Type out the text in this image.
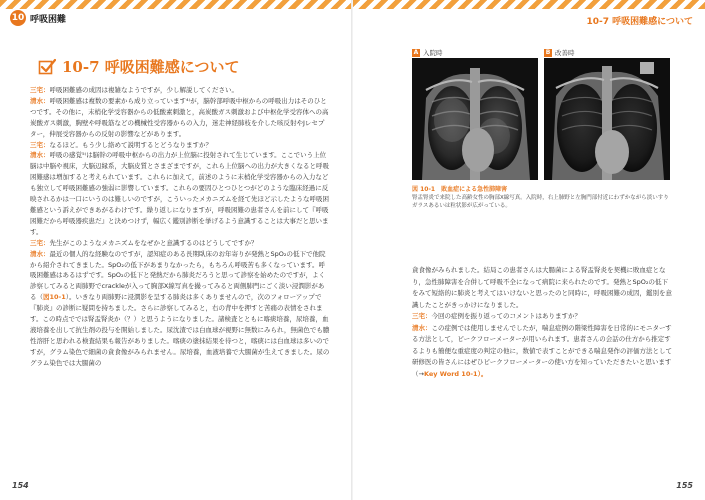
10 呼吸困難
10-7 呼吸困難感について

三宅：呼吸困難感の成因は複雑なようですが，少し解説してください。

清水：呼吸困難感は複数の要素から成り立っています⁴⁾が，脳幹部呼吸中枢からの呼吸出力はそのひとつです。その他に，末梢化学受容器からの低酸素刺激と，高炭酸ガス刺激および中枢化学受容体への高炭酸ガス刺激，胸壁や呼吸筋などの機械性受容器からの入力，迷走神経肺枝を介した咳反射やJレセプター，伸展受容器からの反射の影響などがあります。

三宅：なるほど。もう少し絡めて説明するとどうなりますか？

清水：呼吸の感覚⁵⁾は脳幹の呼吸中枢からの出力が上位脳に投射されて生じています。ここでいう上位脳は中脳や視床，大脳辺縁系，大脳皮質とさまざまですが，これら上位脳への出力が大きくなると呼吸困難感は増加すると考えられています。これらに加えて，前述のように末梢化学受容器からの入力なども独立して呼吸困難感の強弱に影響しています。これらの要因ひとつひとつがどのような臨床経過に反映されるかは一口にいうのは難しいのですが，こういったメカニズムを経て先ほど示したような呼吸困難感という訴えができあがるわけです。繰り返しになりますが，呼吸困難の患者さんを前にして『呼吸困難だから呼吸器疾患だ』と決めつけず，幅広く鑑別診断を挙げるよう意識することは大事だと思います。

三宅：先生がこのようなメカニズムをなぜかと意識するのはどうしてですか？

清水：最近の個人的な経験なのですが，認知症のある長期臥床のお年寄りが発熱とSpO₂の低下で他院から紹介されてきました。SpO₂の低下があまりなかったら，もちろん呼吸苦も多くなっています。呼吸困難感はあるはずです。SpO₂の低下と発熱だから肺炎だろうと思って診察を始めたのですが，よく診察してみると両肺野でcrackleが入って胸部X線写真を撮ってみると両側肺門にごく淡い浸潤影がある（図10-1）。いきなり両肺野に浸潤影を呈する肺炎は多くありませんので，次のフォローアップで『肺炎』の診断に疑問を持ちました。さらに診察してみると，右の背中を押すと苦痛の表情をされます。この時点ででは腎盂腎炎か（？）と思うようになりました。諸検査とともに喀痰培養，尿培養，血液培養を出して抗生剤の投与を開始しました。尿沈渣では白血球が視野に無数にみられ，無菌色でも膿性溶肝と思われる検査結果も報告がありました。喀痰の塗抹結果を待つと，喀痰には白血球は多いのですが，グラム染色で細菌の貪食像がみられません。尿培養，血液培養で大腸菌が生えてきました。尿のグラム染色では大腸菌の

154
10-7 呼吸困難感について
155
A 入院時	B 改善時
図 10-1　敗血症による急性肺障害
腎盂腎炎で来院した高齢女性の胸部X線写真。入院時，右上肺野と左胸門部付近にわずかながら淡いすりガラスあるいは粒状影が広がっている。

貪食像がみられました。結局この患者さんは大腸菌による腎盂腎炎を契機に敗血症となり，急性肺障害を合併して呼吸不全になって病院に来られたのです。発熱とSpO₂の低下をみて短絡的に肺炎と考えてはいけないと思ったのと同時に，呼吸困難の成因，鑑別を意識したことがきっかけになりました。

三宅：今回の症例を振り返ってのコメントはありますか？

清水：この症例では使用しませんでしたが，喘息症例の階梁性障害を日常的にモニターする方法として，ピークフローメーターが用いられます。患者さんの会話の仕方から推定するよりも簡便な重症度の判定の他に，数値で表すことができる喘息発作の評価方法として研修医の皆さんにはぜひピークフローメーターの使い方を知っていただきたいと思います（→Key Word 10-1）。
